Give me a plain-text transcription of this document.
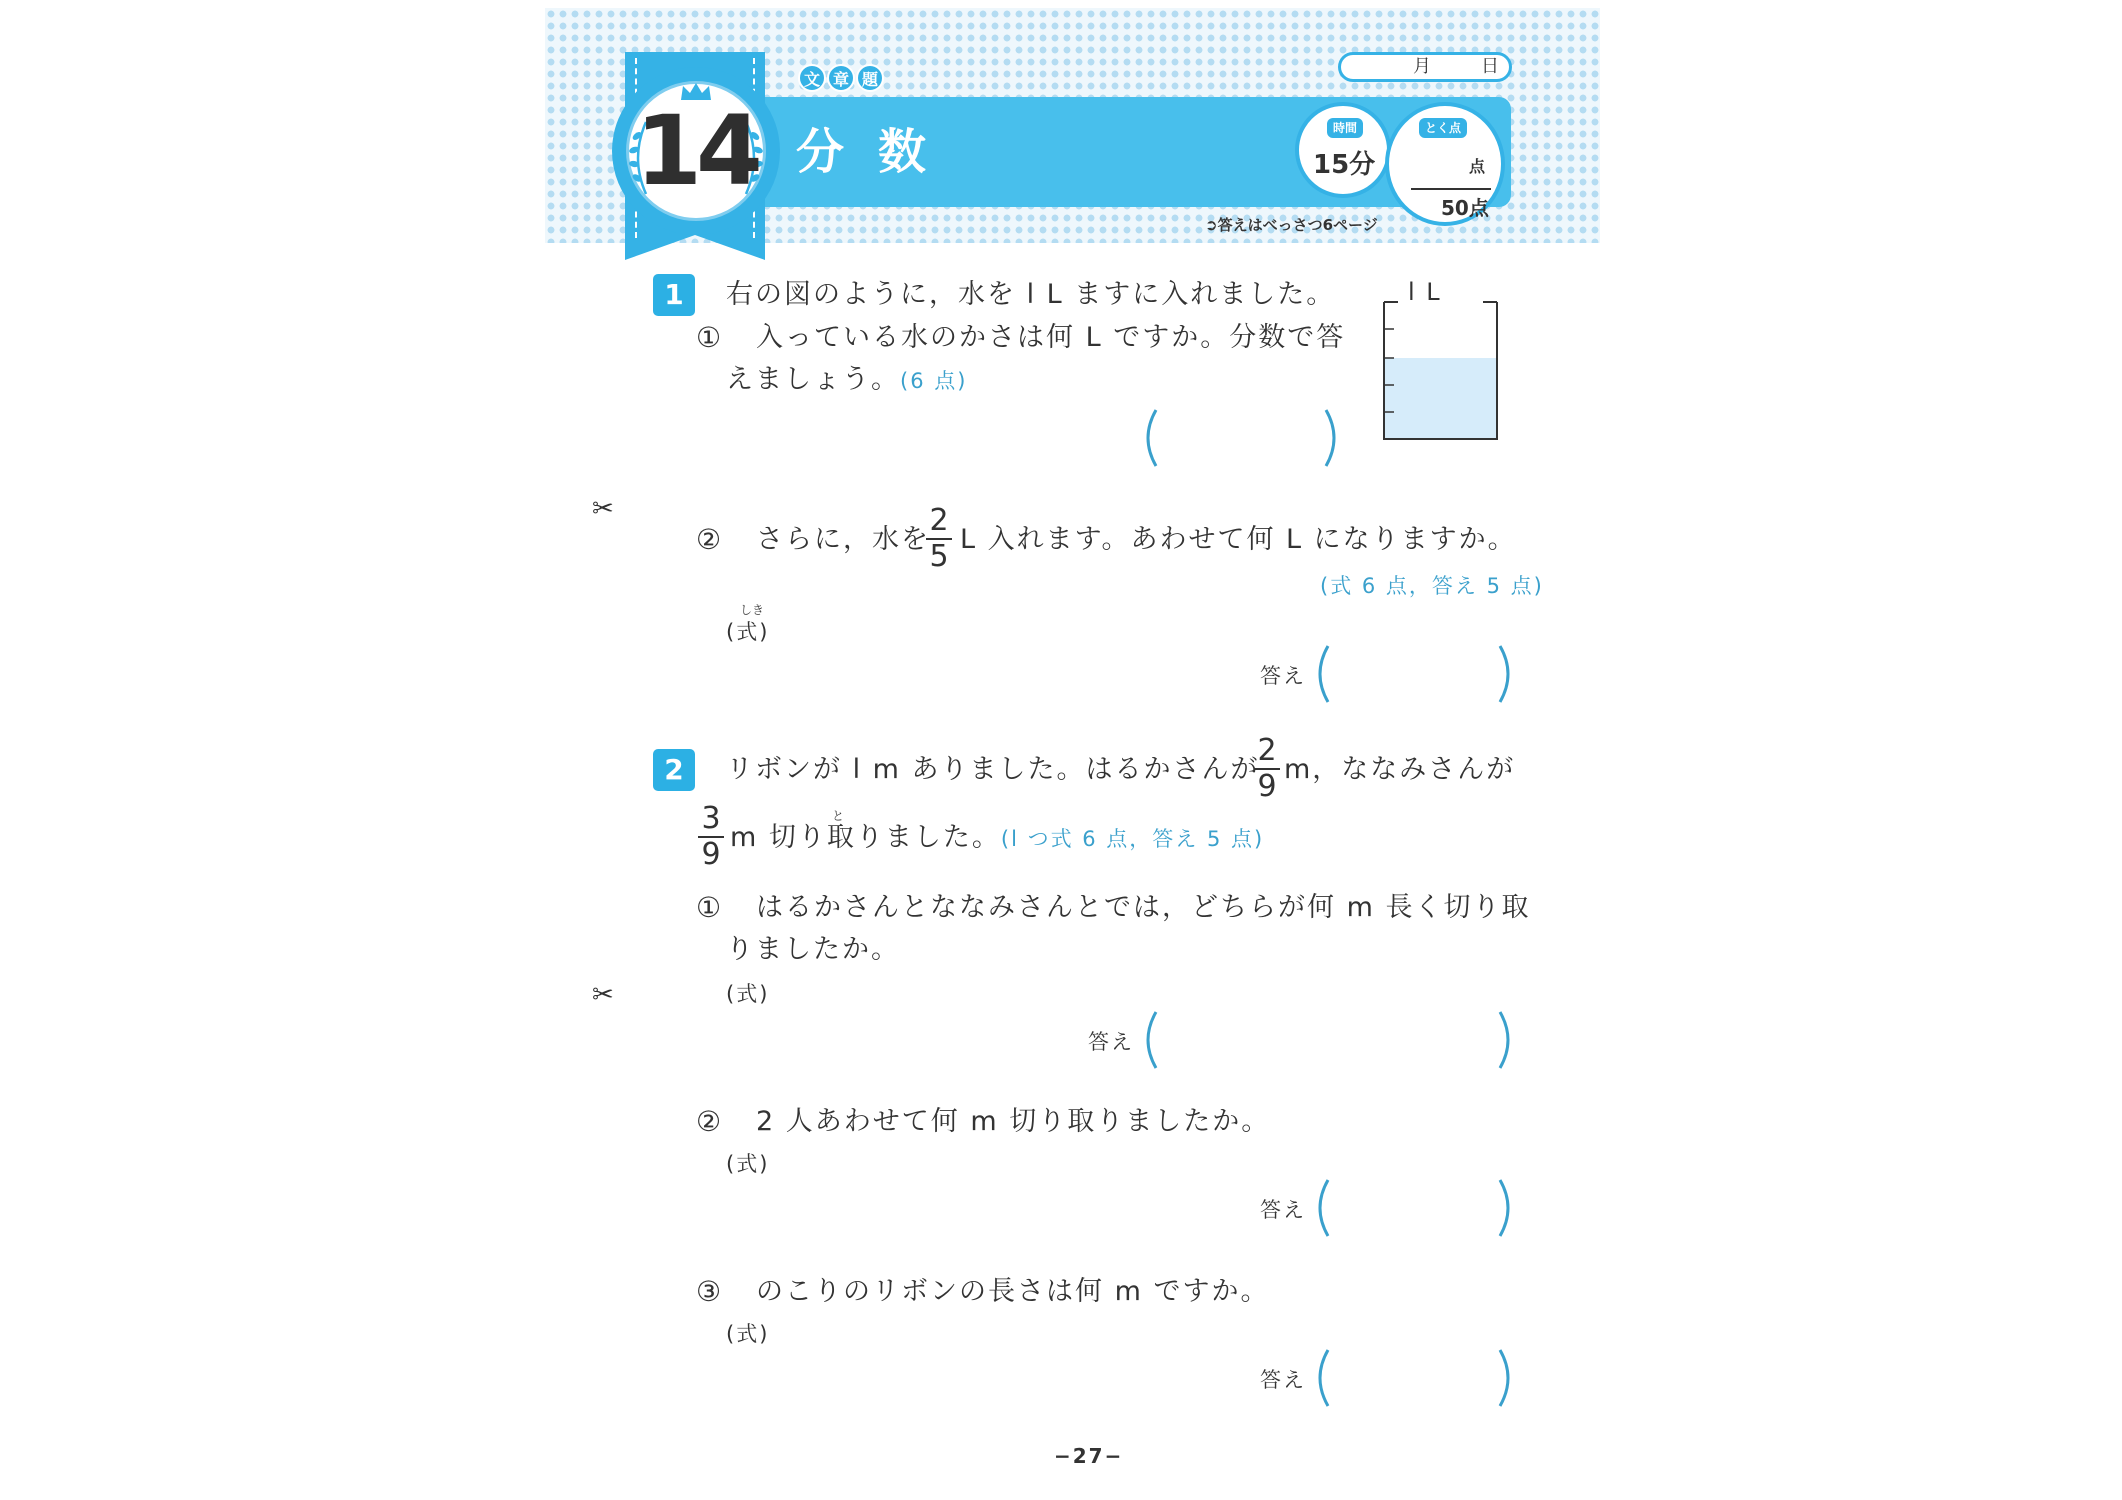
分数
文 章 題
14
月	日
時間
15分
とく点
点
50点
➲答えはべっさつ6ページ
1	右の図のように，水を l L ますに入れました。
① 入っている水のかさは何 L ですか。分数で答
えましょう。(6 点)
l L
✂
② さらに，水を
2
5 L 入れます。あわせて何 L になりますか。
(式 6 点，答え 5 点)
しき
(式)
答え
2	リボンが l m ありました。はるかさんが
2
9 m，ななみさんが
3
9
と
m 切り取りました。(l つ式 6 点，答え 5 点)
① はるかさんとななみさんとでは，どちらが何 m 長く切り取
りましたか。
(式)
✂
答え
② 2 人あわせて何 m 切り取りましたか。
(式)
答え
③ のこりのリボンの長さは何 m ですか。
(式)
答え
−27−
